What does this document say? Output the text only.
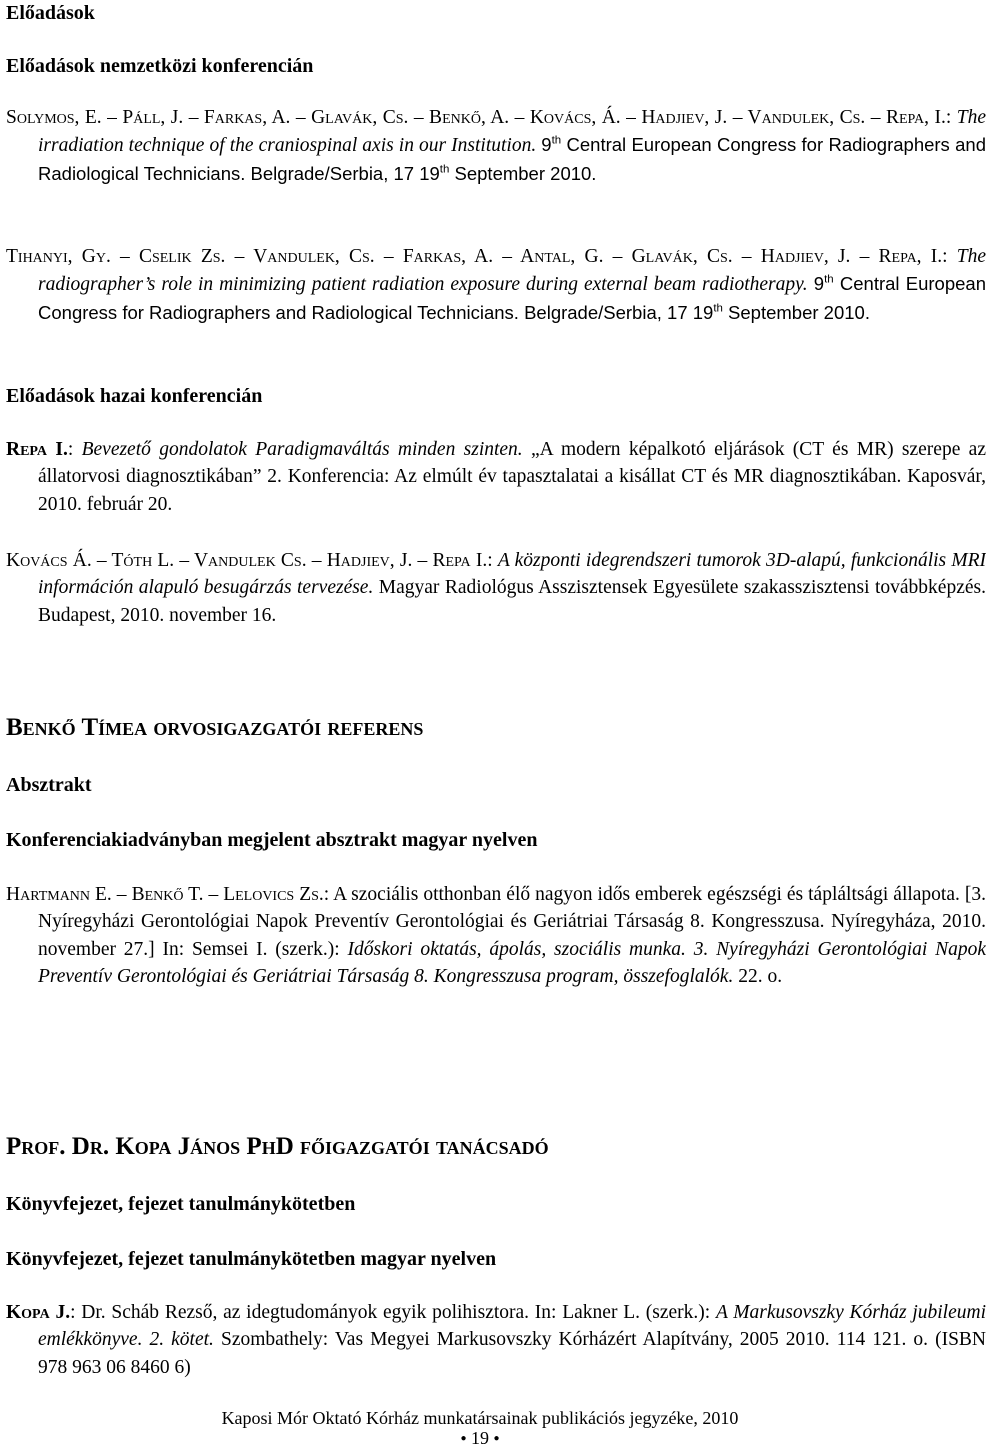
Előadások
Előadások nemzetközi konferencián
Solymos, E. – Páll, J. – Farkas, A. – Glavák, Cs. – Benkő, A. – Kovács, Á. – Hadjiev, J. – Vandulek, Cs. – Repa, I.: The irradiation technique of the craniospinal axis in our Institution. 9th Central European Congress for Radiographers and Radiological Technicians. Belgrade/Serbia, 17 19th September 2010.
Tihanyi, Gy. – Cselik Zs. – Vandulek, Cs. – Farkas, A. – Antal, G. – Glavák, Cs. – Hadjiev, J. – Repa, I.: The radiographer’s role in minimizing patient radiation exposure during external beam radiotherapy. 9th Central European Congress for Radiographers and Radiological Technicians. Belgrade/Serbia, 17 19th September 2010.
Előadások hazai konferencián
Repa I.: Bevezető gondolatok Paradigmaváltás minden szinten. „A modern képalkotó eljárások (CT és MR) szerepe az állatorvosi diagnosztikában” 2. Konferencia: Az elmúlt év tapasztalatai a kisállat CT és MR diagnosztikában. Kaposvár, 2010. február 20.
Kovács Á. – Tóth L. – Vandulek Cs. – Hadjiev, J. – Repa I.: A központi idegrendszeri tumorok 3D-alapú, funkcionális MRI információn alapuló besugárzás tervezése. Magyar Radiológus Asszisztensek Egyesülete szakasszisztensi továbbképzés. Budapest, 2010. november 16.
Benkő Tímea orvosigazgatói referens
Absztrakt
Konferenciakiadványban megjelent absztrakt magyar nyelven
Hartmann E. – Benkő T. – Lelovics Zs.: A szociális otthonban élő nagyon idős emberek egészségi és tápláltsági állapota. [3. Nyíregyházi Gerontológiai Napok Preventív Gerontológiai és Geriátriai Társaság 8. Kongresszusa. Nyíregyháza, 2010. november 27.] In: Semsei I. (szerk.): Időskori oktatás, ápolás, szociális munka. 3. Nyíregyházi Gerontológiai Napok Preventív Gerontológiai és Geriátriai Társaság 8. Kongresszusa program, összefoglalók. 22. o.
Prof. Dr. Kopa János PhD főigazgatói tanácsadó
Könyvfejezet, fejezet tanulmánykötetben
Könyvfejezet, fejezet tanulmánykötetben magyar nyelven
Kopa J.: Dr. Scháb Rezső, az idegtudományok egyik polihisztora. In: Lakner L. (szerk.): A Markusovszky Kórház jubileumi emlékkönyve. 2. kötet. Szombathely: Vas Megyei Markusovszky Kórházért Alapítvány, 2005 2010. 114 121. o. (ISBN 978 963 06 8460 6)
Kaposi Mór Oktató Kórház munkatársainak publikációs jegyzéke, 2010
● 19 ●
